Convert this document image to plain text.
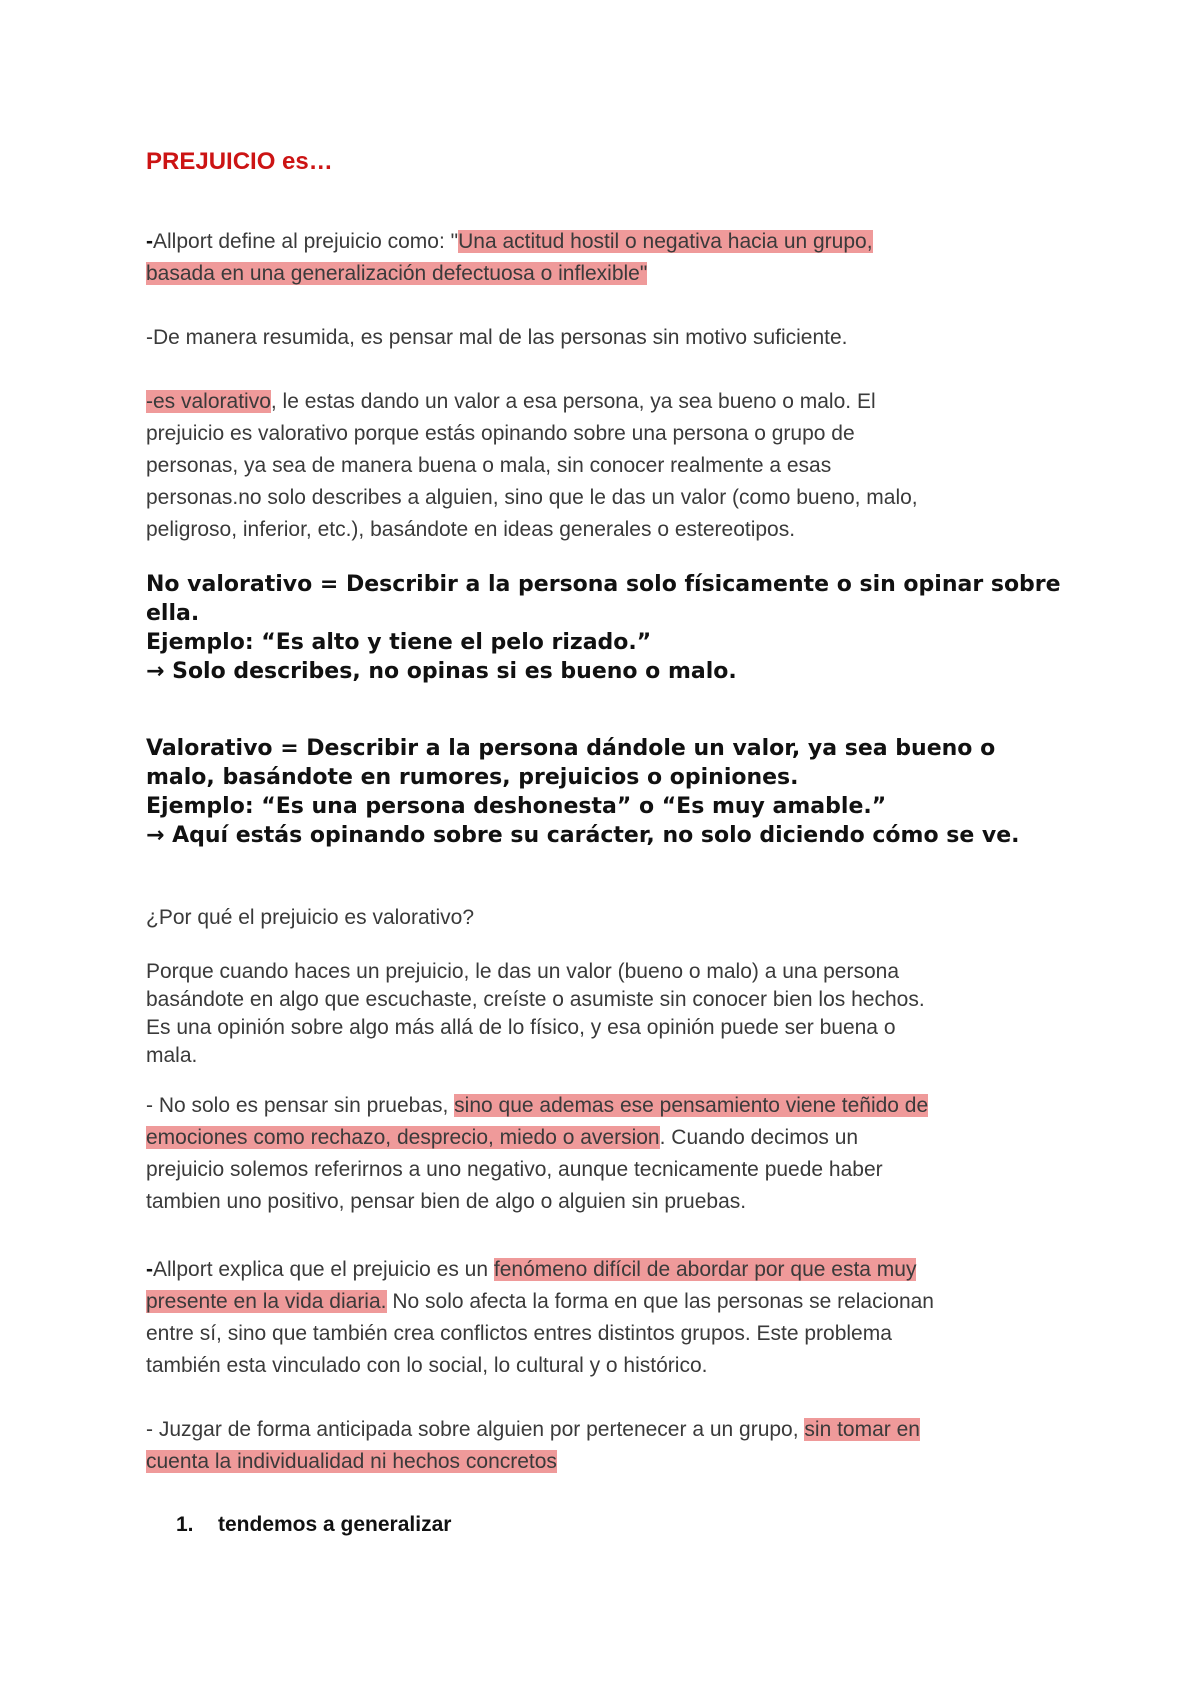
PREJUICIO es…

-Allport define al prejuicio como: "Una actitud hostil o negativa hacia un grupo,
basada en una generalización defectuosa o inflexible"

-De manera resumida, es pensar mal de las personas sin motivo suficiente.

-es valorativo, le estas dando un valor a esa persona, ya sea bueno o malo. El
prejuicio es valorativo porque estás opinando sobre una persona o grupo de
personas, ya sea de manera buena o mala, sin conocer realmente a esas
personas.no solo describes a alguien, sino que le das un valor (como bueno, malo,
peligroso, inferior, etc.), basándote en ideas generales o estereotipos.

No valorativo = Describir a la persona solo físicamente o sin opinar sobre
ella.
Ejemplo: “Es alto y tiene el pelo rizado.”
→ Solo describes, no opinas si es bueno o malo.
Valorativo = Describir a la persona dándole un valor, ya sea bueno o
malo, basándote en rumores, prejuicios o opiniones.
Ejemplo: “Es una persona deshonesta” o “Es muy amable.”
→ Aquí estás opinando sobre su carácter, no solo diciendo cómo se ve.

¿Por qué el prejuicio es valorativo?

Porque cuando haces un prejuicio, le das un valor (bueno o malo) a una persona
basándote en algo que escuchaste, creíste o asumiste sin conocer bien los hechos.
Es una opinión sobre algo más allá de lo físico, y esa opinión puede ser buena o
mala.

- No solo es pensar sin pruebas, sino que ademas ese pensamiento viene teñido de
emociones como rechazo, desprecio, miedo o aversion. Cuando decimos un
prejuicio solemos referirnos a uno negativo, aunque tecnicamente puede haber
tambien uno positivo, pensar bien de algo o alguien sin pruebas.

-Allport explica que el prejuicio es un fenómeno difícil de abordar por que esta muy
presente en la vida diaria. No solo afecta la forma en que las personas se relacionan
entre sí, sino que también crea conflictos entres distintos grupos. Este problema
también esta vinculado con lo social, lo cultural y o histórico.

- Juzgar de forma anticipada sobre alguien por pertenecer a un grupo, sin tomar en
cuenta la individualidad ni hechos concretos

1. tendemos a generalizar
